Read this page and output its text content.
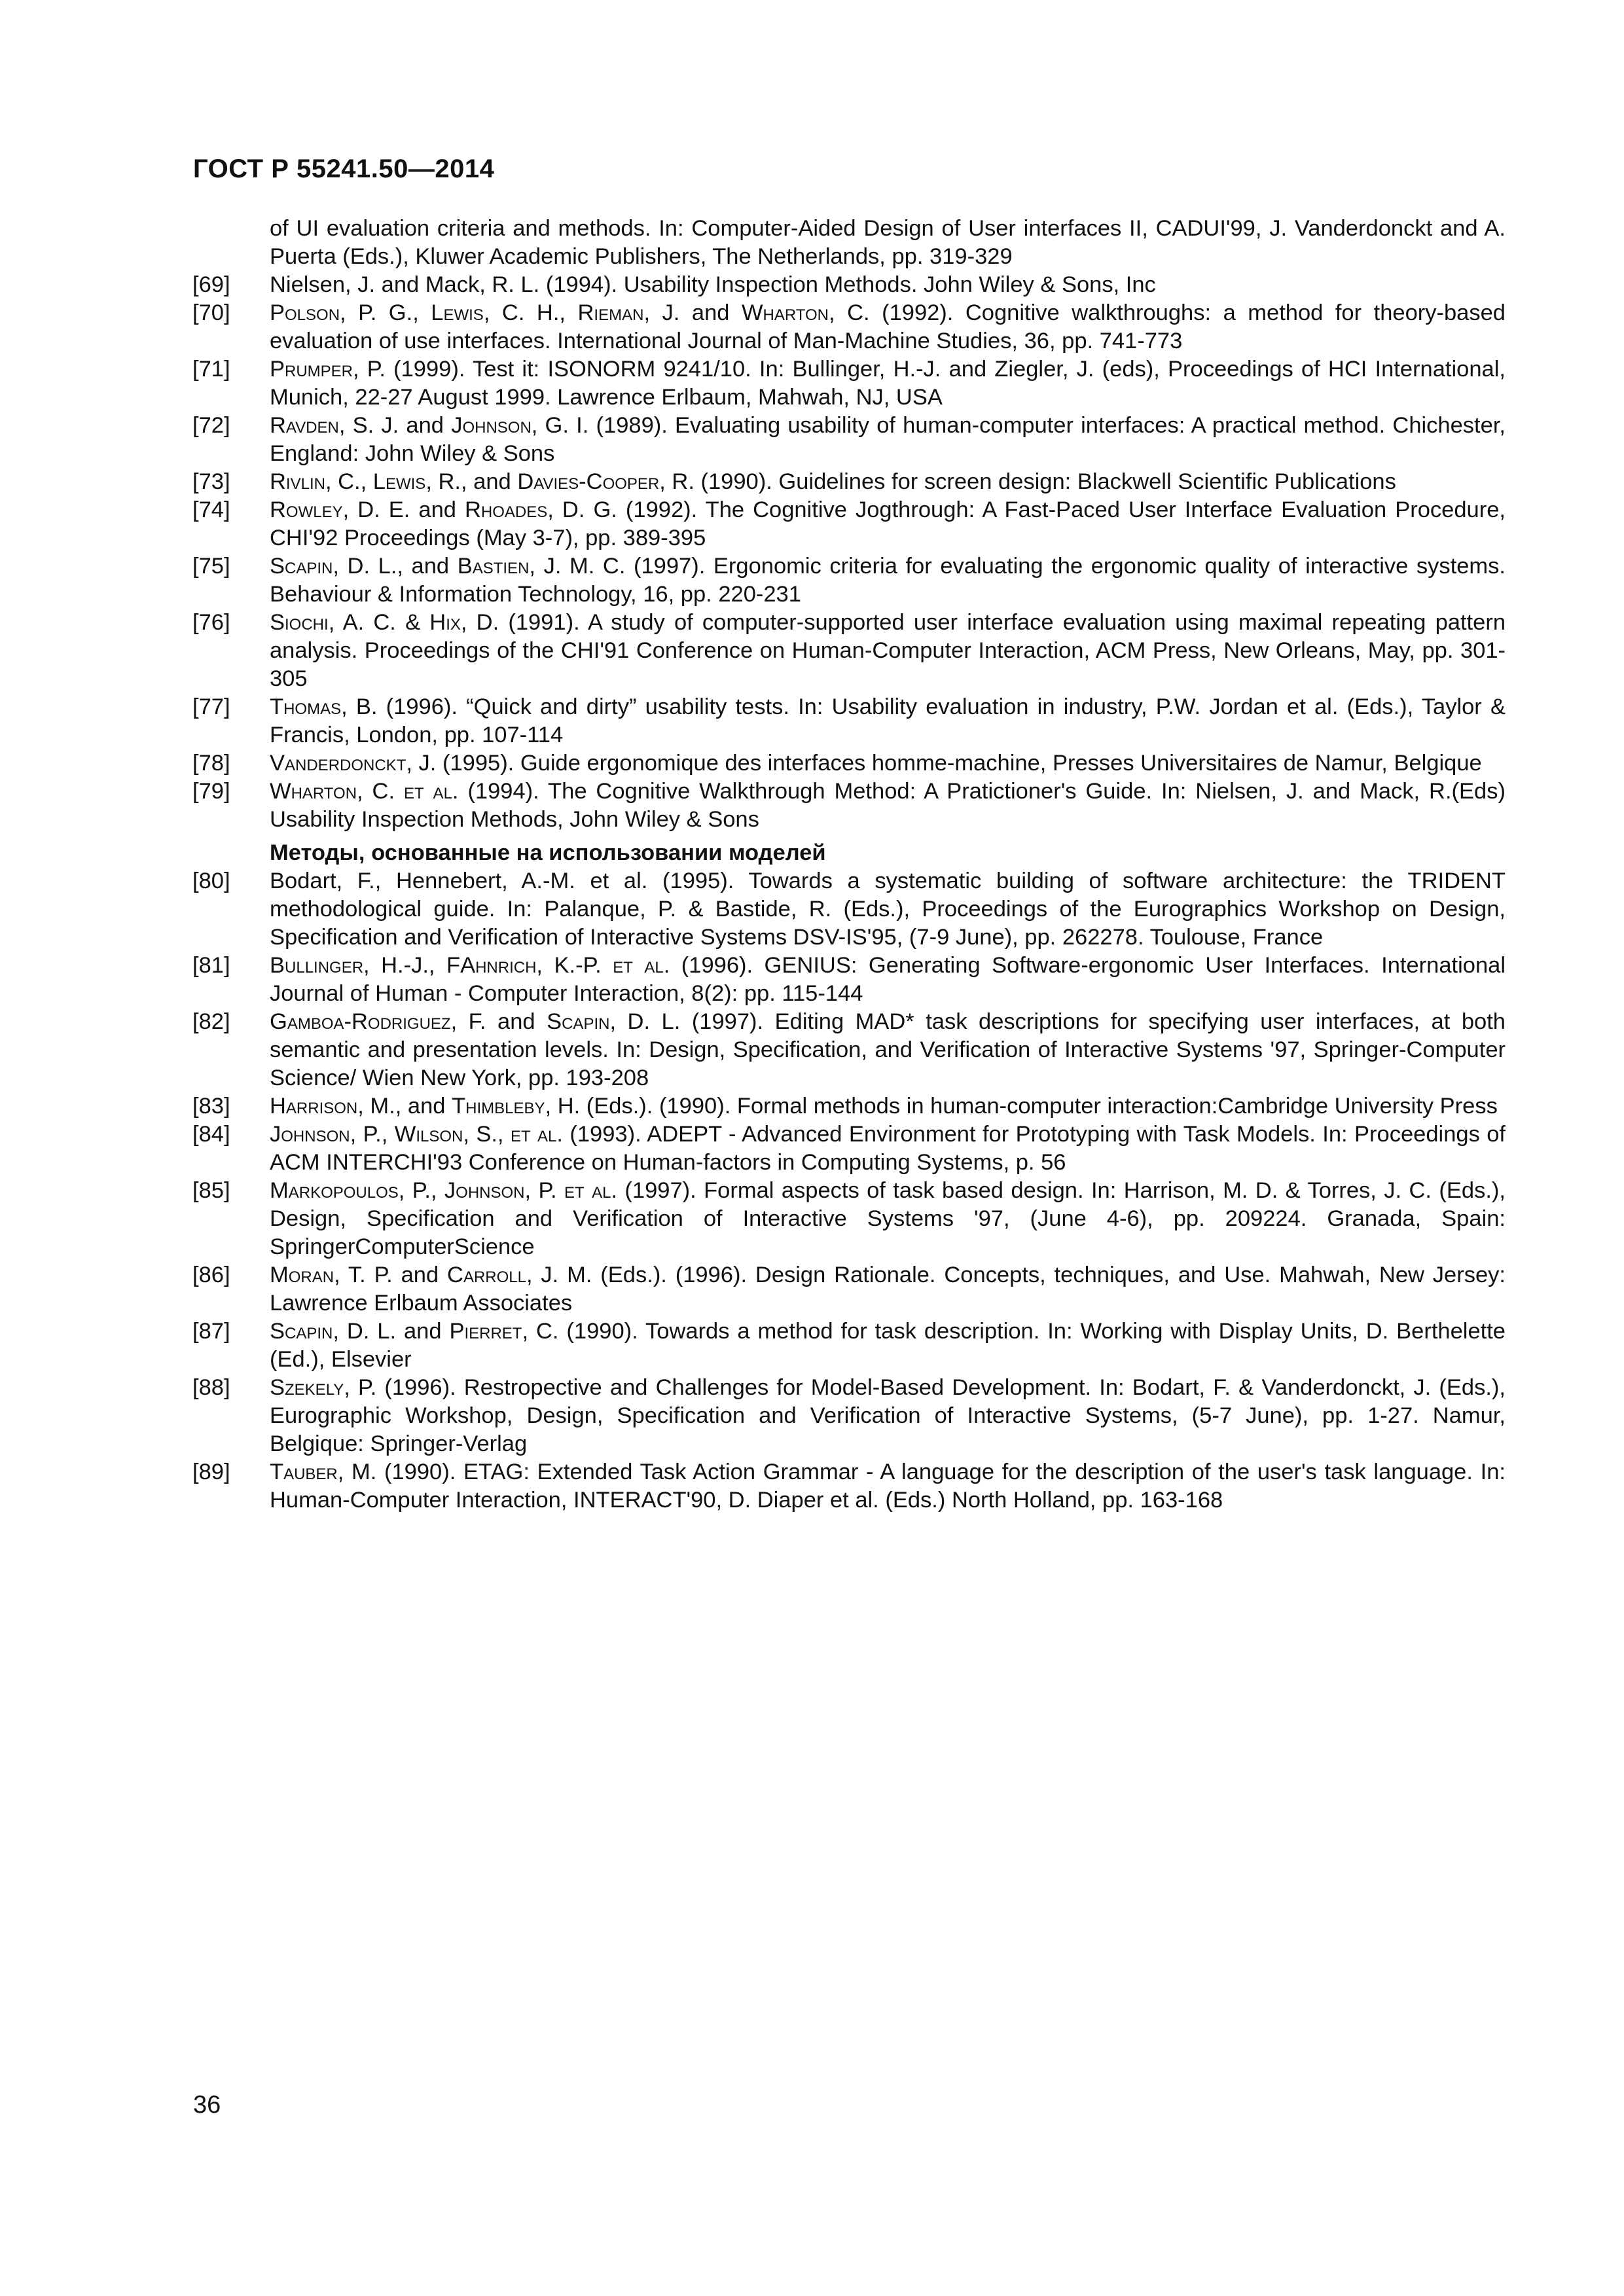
ГОСТ Р 55241.50—2014
of UI evaluation criteria and methods. In: Computer-Aided Design of User interfaces II, CADUI'99, J. Vanderdonckt and A. Puerta (Eds.), Kluwer Academic Publishers, The Netherlands, pp. 319-329
[69] Nielsen, J. and Mack, R. L. (1994). Usability Inspection Methods. John Wiley & Sons, Inc
[70] Polson, P. G., Lewis, C. H., Rieman, J. and Wharton, C. (1992). Cognitive walkthroughs: a method for theory-based evaluation of use interfaces. International Journal of Man-Machine Studies, 36, pp. 741-773
[71] Prumper, P. (1999). Test it: ISONORM 9241/10. In: Bullinger, H.-J. and Ziegler, J. (eds), Proceedings of HCI International, Munich, 22-27 August 1999. Lawrence Erlbaum, Mahwah, NJ, USA
[72] Ravden, S. J. and Johnson, G. I. (1989). Evaluating usability of human-computer interfaces: A practical method. Chichester, England: John Wiley & Sons
[73] Rivlin, C., Lewis, R., and Davies-Cooper, R. (1990). Guidelines for screen design: Blackwell Scientific Publications
[74] Rowley, D. E. and Rhoades, D. G. (1992). The Cognitive Jogthrough: A Fast-Paced User Interface Evaluation Procedure, CHI'92 Proceedings (May 3-7), pp. 389-395
[75] Scapin, D. L., and Bastien, J. M. C. (1997). Ergonomic criteria for evaluating the ergonomic quality of interactive systems. Behaviour & Information Technology, 16, pp. 220-231
[76] Siochi, A. C. & Hix, D. (1991). A study of computer-supported user interface evaluation using maximal repeating pattern analysis. Proceedings of the CHI'91 Conference on Human-Computer Interaction, ACM Press, New Orleans, May, pp. 301-305
[77] Thomas, B. (1996). “Quick and dirty” usability tests. In: Usability evaluation in industry, P.W. Jordan et al. (Eds.), Taylor & Francis, London, pp. 107-114
[78] Vanderdonckt, J. (1995). Guide ergonomique des interfaces homme-machine, Presses Universitaires de Namur, Belgique
[79] Wharton, C. et al. (1994). The Cognitive Walkthrough Method: A Pratictioner's Guide. In: Nielsen, J. and Mack, R.(Eds) Usability Inspection Methods, John Wiley & Sons
Методы, основанные на использовании моделей
[80] Bodart, F., Hennebert, A.-M. et al. (1995). Towards a systematic building of software architecture: the TRIDENT methodological guide. In: Palanque, P. & Bastide, R. (Eds.), Proceedings of the Eurographics Workshop on Design, Specification and Verification of Interactive Systems DSV-IS'95, (7-9 June), pp. 262278. Toulouse, France
[81] Bullinger, H.-J., FAhnrich, K.-P. et al. (1996). GENIUS: Generating Software-ergonomic User Interfaces. International Journal of Human - Computer Interaction, 8(2): pp. 115-144
[82] Gamboa-Rodriguez, F. and Scapin, D. L. (1997). Editing MAD* task descriptions for specifying user interfaces, at both semantic and presentation levels. In: Design, Specification, and Verification of Interactive Systems '97, Springer-Computer Science/ Wien New York, pp. 193-208
[83] Harrison, M., and Thimbleby, H. (Eds.). (1990). Formal methods in human-computer interaction:Cambridge University Press
[84] Johnson, P., Wilson, S., et al. (1993). ADEPT - Advanced Environment for Prototyping with Task Models. In: Proceedings of ACM INTERCHI'93 Conference on Human-factors in Computing Systems, p. 56
[85] Markopoulos, P., Johnson, P. et al. (1997). Formal aspects of task based design. In: Harrison, M. D. & Torres, J. C. (Eds.), Design, Specification and Verification of Interactive Systems '97, (June 4-6), pp. 209224. Granada, Spain: SpringerComputerScience
[86] Moran, T. P. and Carroll, J. M. (Eds.). (1996). Design Rationale. Concepts, techniques, and Use. Mahwah, New Jersey: Lawrence Erlbaum Associates
[87] Scapin, D. L. and Pierret, C. (1990). Towards a method for task description. In: Working with Display Units, D. Berthelette (Ed.), Elsevier
[88] Szekely, P. (1996). Restropective and Challenges for Model-Based Development. In: Bodart, F. & Vanderdonckt, J. (Eds.), Eurographic Workshop, Design, Specification and Verification of Interactive Systems, (5-7 June), pp. 1-27. Namur, Belgique: Springer-Verlag
[89] Tauber, M. (1990). ETAG: Extended Task Action Grammar - A language for the description of the user's task language. In: Human-Computer Interaction, INTERACT'90, D. Diaper et al. (Eds.) North Holland, pp. 163-168
36
